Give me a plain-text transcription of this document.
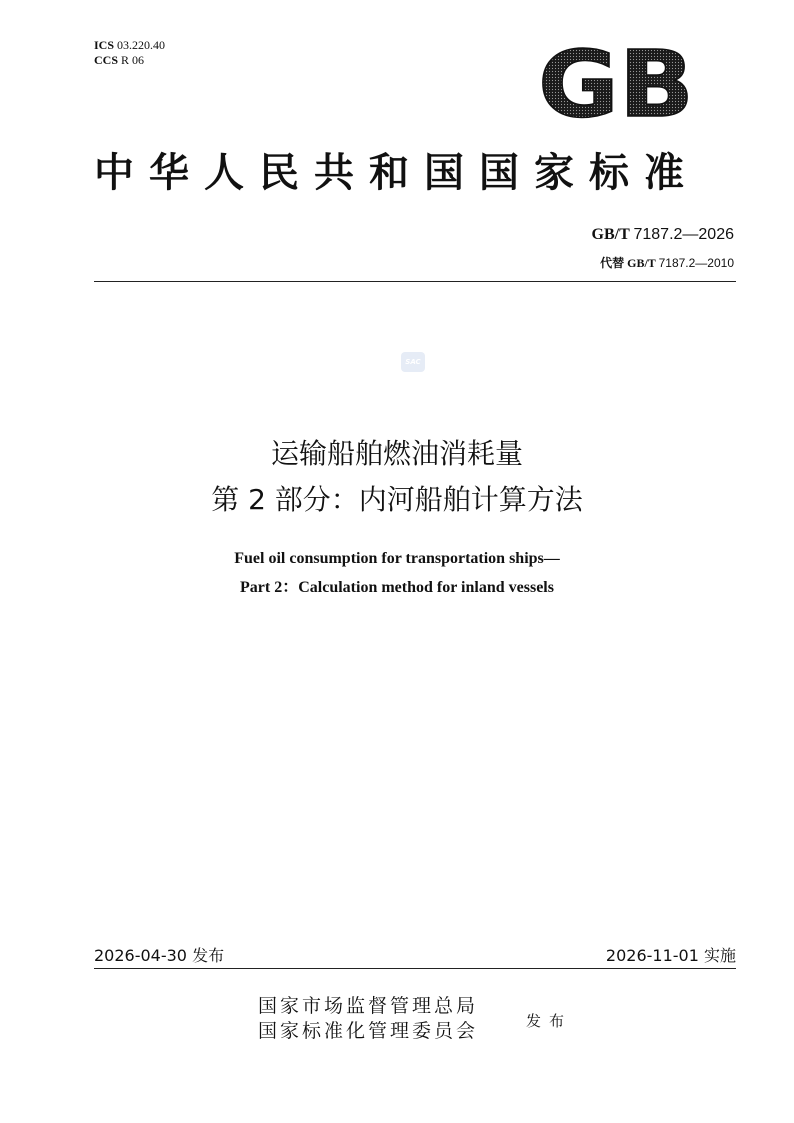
ICS 03.220.40
CCS R 06	GB
中华人民共和国国家标准
GB/T 7187.2—2026
代替 GB/T 7187.2—2010
SAC
运输船舶燃油消耗量
第 2 部分：内河船舶计算方法
Fuel oil consumption for transportation ships—
Part 2：Calculation method for inland vessels
2026-04-30 发布	2026-11-01 实施
国家市场监督管理总局
国家标准化管理委员会	发布
